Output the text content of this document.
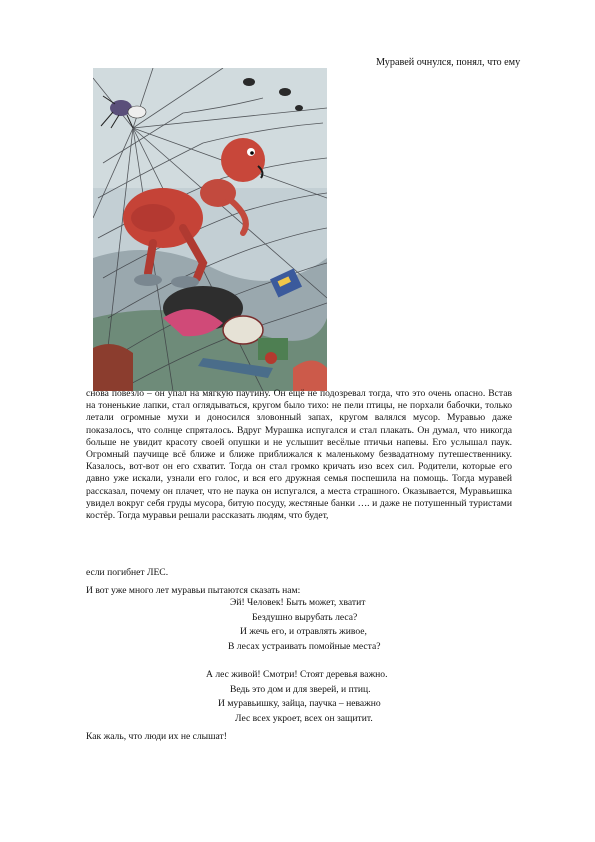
Муравей очнулся, понял, что ему

снова повезло – он упал на мягкую паутину. Он ещё не подозревал тогда, что это очень опасно. Встав на тоненькие лапки, стал оглядываться, кругом было тихо: не пели птицы, не порхали бабочки, только летали огромные мухи и доносился зловонный запах, кругом валялся мусор. Муравью даже показалось, что солнце спряталось. Вдруг Мурашка испугался и стал плакать. Он думал, что никогда больше не увидит красоту своей опушки и не услышит весёлые птичьи напевы. Его услышал паук. Огромный паучище всё ближе и ближе приближался к маленькому безвадатному путешественнику. Казалось, вот-вот он его схватит. Тогда он стал громко кричать изо всех сил. Родители, которые его давно уже искали, узнали его голос, и вся его дружная семья поспешила на помощь. Тогда муравей рассказал, почему он плачет, что не паука он испугался, а места страшного. Оказывается, Муравьишка увидел вокруг себя груды мусора, битую посуду, жестяные банки …. и даже не потушенный туристами костёр. Тогда муравьи решали рассказать людям, что будет,

если погибнет ЛЕС.
И вот уже много лет муравьи пытаются сказать нам:
Эй! Человек! Быть может, хватит
Бездушно вырубать леса?
И жечь его, и отравлять живое,
В лесах устраивать помойные места?
А лес живой! Смотри! Стоят деревья важно.
Ведь это дом и для зверей, и птиц.
И муравьишку, зайца, паучка – неважно
Лес всех укроет, всех он защитит.
Как жаль, что люди их не слышат!
